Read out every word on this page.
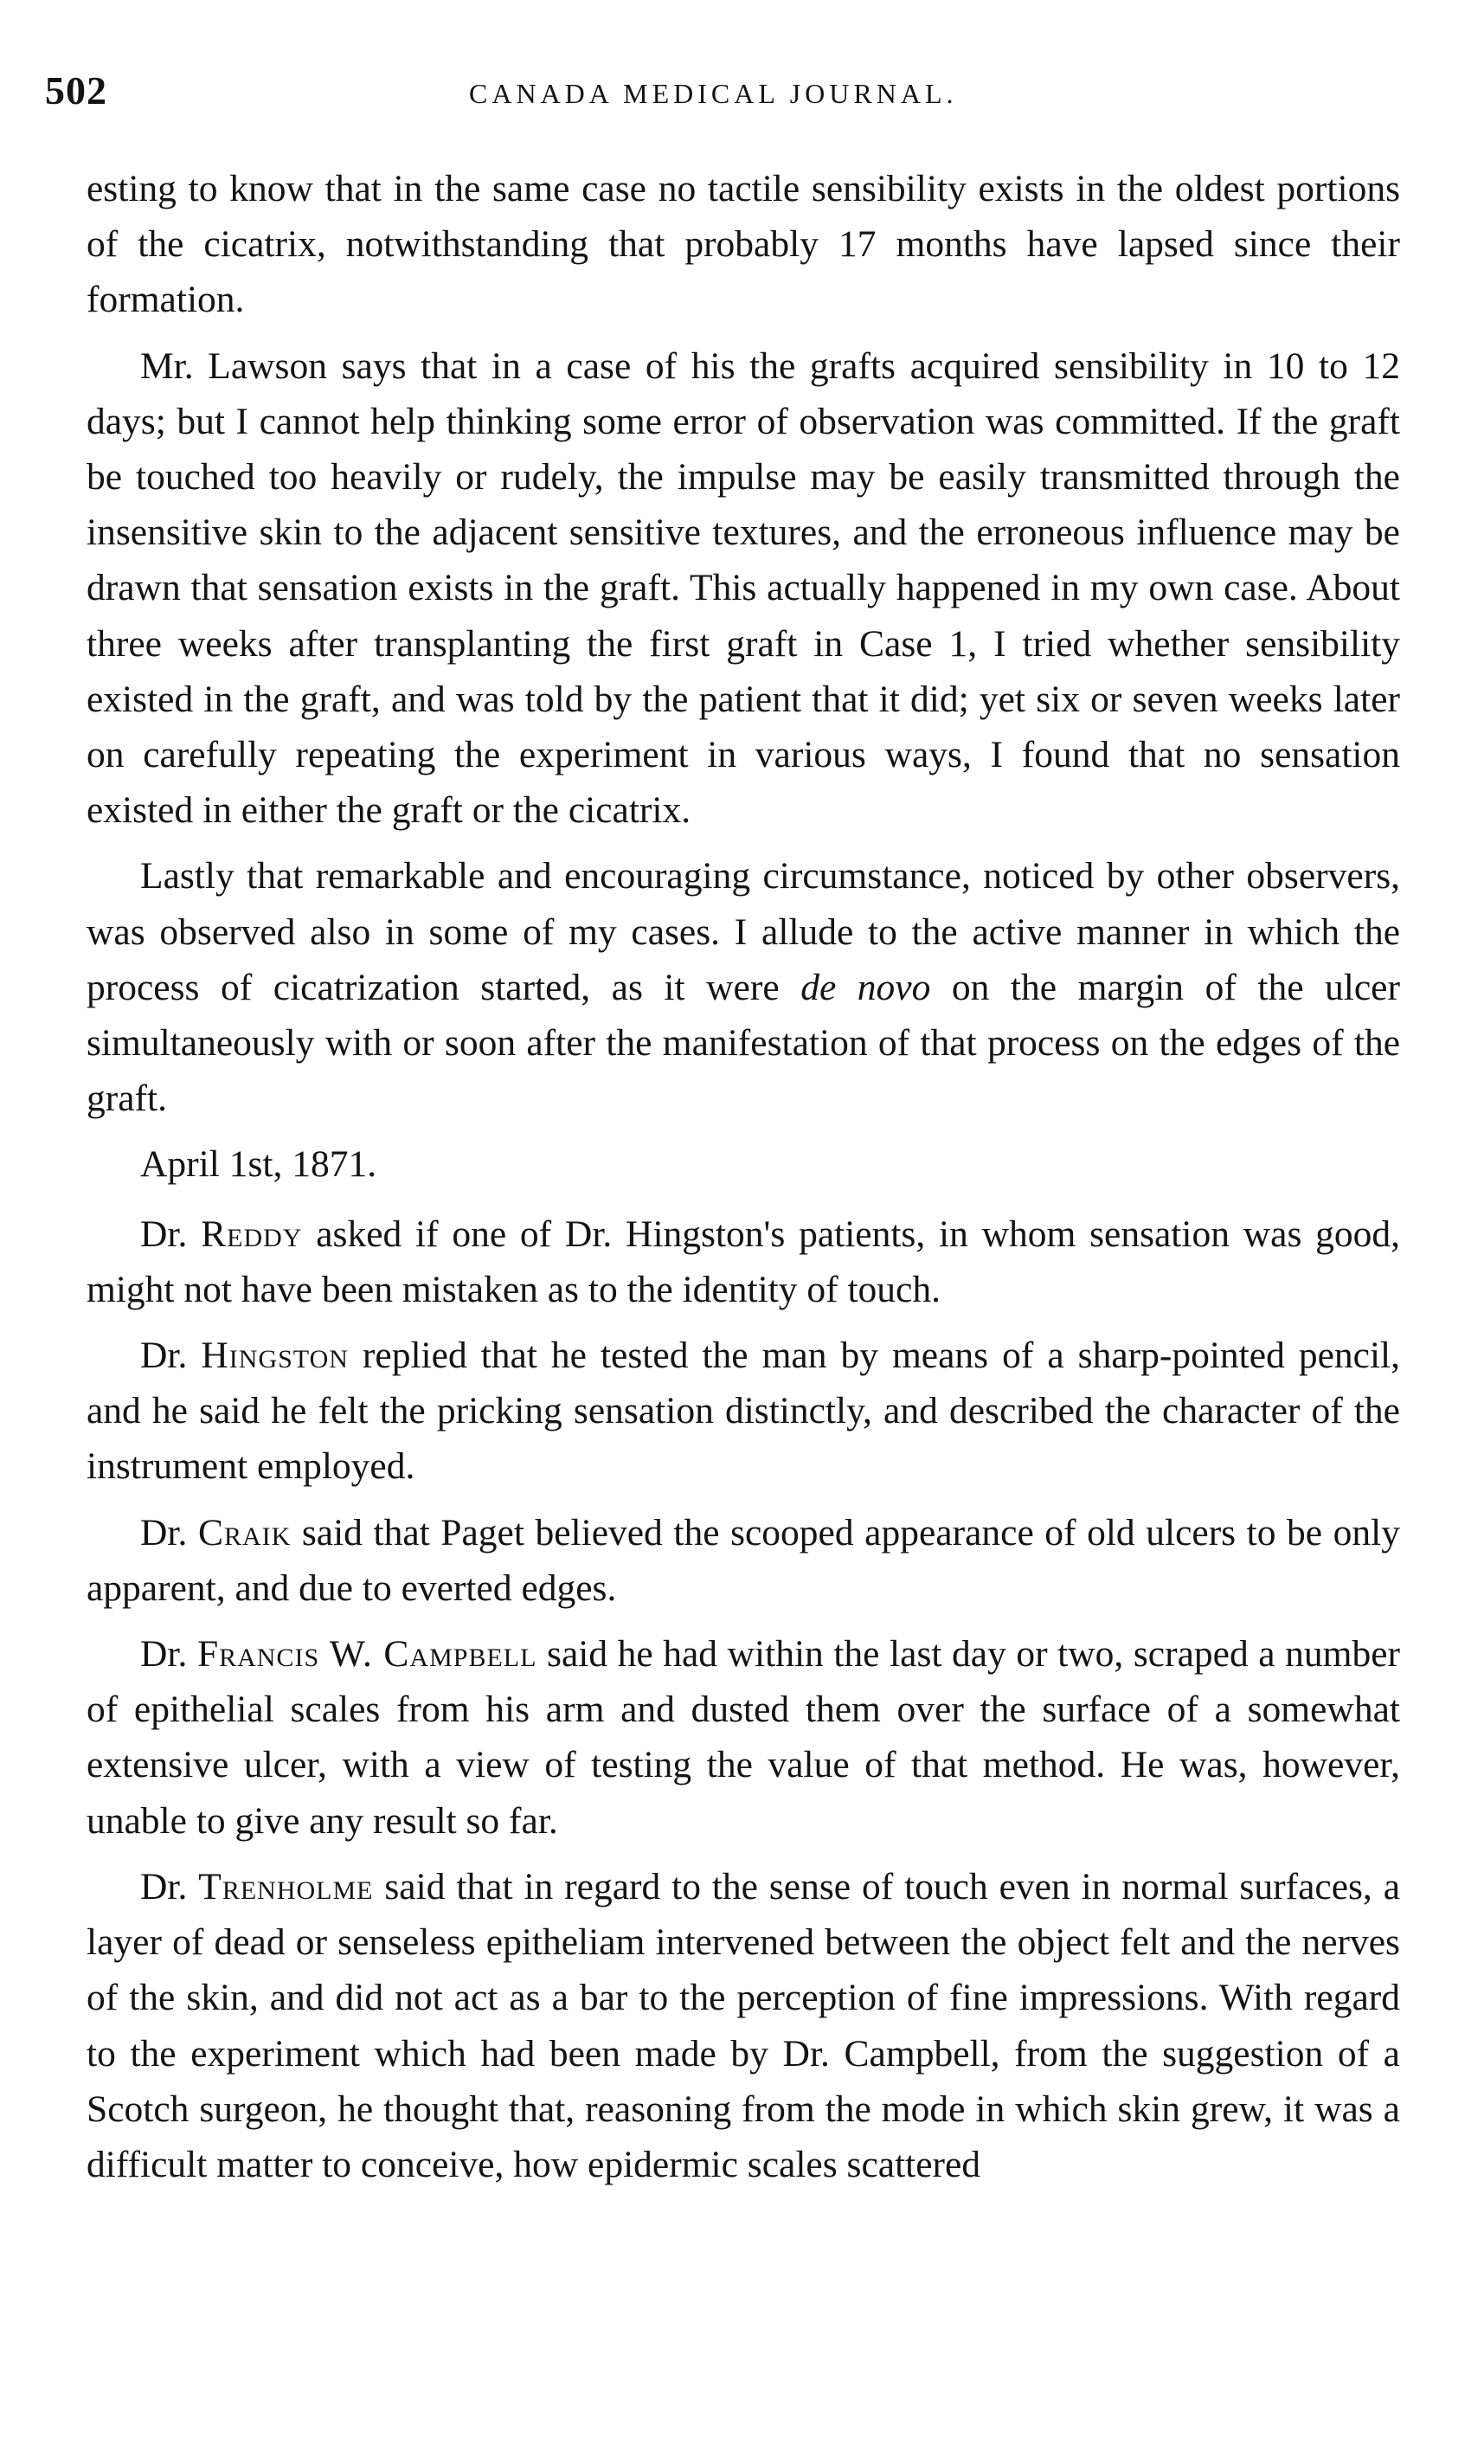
502	CANADA MEDICAL JOURNAL.

esting to know that in the same case no tactile sensibility exists in the oldest portions of the cicatrix, notwithstanding that probably 17 months have lapsed since their formation.

Mr. Lawson says that in a case of his the grafts acquired sensibility in 10 to 12 days; but I cannot help thinking some error of observation was committed. If the graft be touched too heavily or rudely, the impulse may be easily transmitted through the insensitive skin to the adjacent sensitive textures, and the erroneous influence may be drawn that sensation exists in the graft. This actually happened in my own case. About three weeks after transplanting the first graft in Case 1, I tried whether sensibility existed in the graft, and was told by the patient that it did; yet six or seven weeks later on carefully repeating the experiment in various ways, I found that no sensation existed in either the graft or the cicatrix.

Lastly that remarkable and encouraging circumstance, noticed by other observers, was observed also in some of my cases. I allude to the active manner in which the process of cicatrization started, as it were de novo on the margin of the ulcer simultaneously with or soon after the manifestation of that process on the edges of the graft.

April 1st, 1871.

Dr. Reddy asked if one of Dr. Hingston's patients, in whom sensation was good, might not have been mistaken as to the identity of touch.

Dr. Hingston replied that he tested the man by means of a sharp-pointed pencil, and he said he felt the pricking sensation distinctly, and described the character of the instrument employed.

Dr. Craik said that Paget believed the scooped appearance of old ulcers to be only apparent, and due to everted edges.

Dr. Francis W. Campbell said he had within the last day or two, scraped a number of epithelial scales from his arm and dusted them over the surface of a somewhat extensive ulcer, with a view of testing the value of that method. He was, however, unable to give any result so far.

Dr. Trenholme said that in regard to the sense of touch even in normal surfaces, a layer of dead or senseless epitheliam intervened between the object felt and the nerves of the skin, and did not act as a bar to the perception of fine impressions. With regard to the experiment which had been made by Dr. Campbell, from the suggestion of a Scotch surgeon, he thought that, reasoning from the mode in which skin grew, it was a difficult matter to conceive, how epidermic scales scattered
